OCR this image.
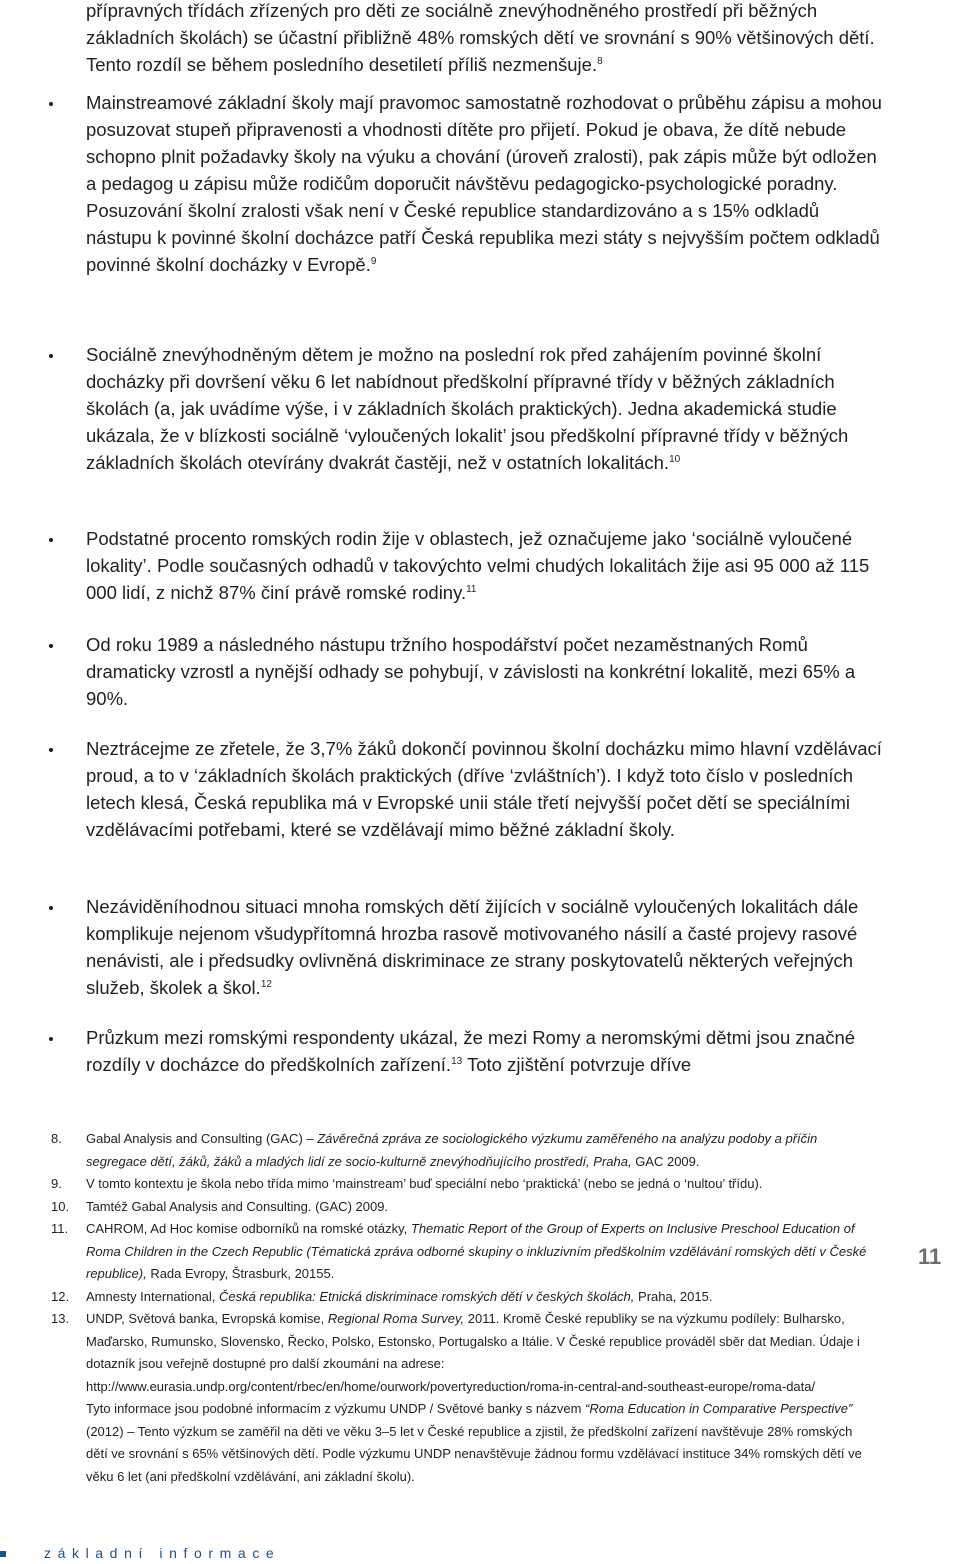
přípravných třídách zřízených pro děti ze sociálně znevýhodněného prostředí při běžných základních školách) se účastní přibližně 48% romských dětí ve srovnání s 90% většinových dětí. Tento rozdíl se během posledního desetiletí příliš nezmenšuje.$^8$

Mainstreamové základní školy mají pravomoc samostatně rozhodovat o průběhu zápisu a mohou posuzovat stupeň připravenosti a vhodnosti dítěte pro přijetí. Pokud je obava, že dítě nebude schopno plnit požadavky školy na výuku a chování (úroveň zralosti), pak zápis může být odložen a pedagog u zápisu může rodičům doporučit návštěvu pedagogicko-psychologické poradny. Posuzování školní zralosti však není v České republice standardizováno a s 15% odkladů nástupu k povinné školní docházce patří Česká republika mezi státy s nejvyšším počtem odkladů povinné školní docházky v Evropě.$^9$

Sociálně znevýhodněným dětem je možno na poslední rok před zahájením povinné školní docházky při dovršení věku 6 let nabídnout předškolní přípravné třídy v běžných základních školách (a, jak uvádíme výše, i v základních školách praktických). Jedna akademická studie ukázala, že v blízkosti sociálně ‘vyloučených lokalit’ jsou předškolní přípravné třídy v běžných základních školách otevírány dvakrát častěji, než v ostatních lokalitách.$^{10}$

Podstatné procento romských rodin žije v oblastech, jež označujeme jako ‘sociálně vyloučené lokality’. Podle současných odhadů v takovýchto velmi chudých lokalitách žije asi 95 000 až 115 000 lidí, z nichž 87% činí právě romské rodiny.$^{11}$

Od roku 1989 a následného nástupu tržního hospodářství počet nezaměstnaných Romů dramaticky vzrostl a nynější odhady se pohybují, v závislosti na konkrétní lokalitě, mezi 65% a 90%.

Neztrácejme ze zřetele, že 3,7% žáků dokončí povinnou školní docházku mimo hlavní vzdělávací proud, a to v ‘základních školách praktických (dříve ‘zvláštních’). I když toto číslo v posledních letech klesá, Česká republika má v Evropské unii stále třetí nejvyšší počet dětí se speciálními vzdělávacími potřebami, které se vzdělávají mimo běžné základní školy.

Nezáviděníhodnou situaci mnoha romských dětí žijících v sociálně vyloučených lokalitách dále komplikuje nejenom všudypřítomná hrozba rasově motivovaného násilí a časté projevy rasové nenávisti, ale i předsudky ovlivněná diskriminace ze strany poskytovatelů některých veřejných služeb, školek a škol.$^{12}$

Průzkum mezi romskými respondenty ukázal, že mezi Romy a neromskými dětmi jsou značné rozdíly v docházce do předškolních zařízení.$^{13}$ Toto zjištění potvrzuje dříve

8. Gabal Analysis and Consulting (GAC) – Závěrečná zpráva ze sociologického výzkumu zaměřeného na analýzu podoby a příčin segregace dětí, žáků, žáků a mladých lidí ze socio-kulturně znevýhodňujícího prostředí, Praha, GAC 2009.
9. V tomto kontextu je škola nebo třída mimo ‘mainstream’ buď speciální nebo ‘praktická’ (nebo se jedná o ‘nultou’ třídu).
10. Tamtéž Gabal Analysis and Consulting. (GAC) 2009.
11. CAHROM, Ad Hoc komise odborníků na romské otázky, Thematic Report of the Group of Experts on Inclusive Preschool Education of Roma Children in the Czech Republic (Tématická zpráva odborné skupiny o inkluzivním předškolním vzdělávání romských dětí v České republice), Rada Evropy, Štrasburk, 20155.
12. Amnesty International, Česká republika: Etnická diskriminace romských dětí v českých školách, Praha, 2015.
13. UNDP, Světová banka, Evropská komise, Regional Roma Survey, 2011. Kromě České republiky se na výzkumu podílely: Bulharsko, Maďarsko, Rumunsko, Slovensko, Řecko, Polsko, Estonsko, Portugalsko a Itálie. V České republice prováděl sběr dat Median. Údaje i dotazník jsou veřejně dostupné pro další zkoumání na adrese: http://www.eurasia.undp.org/content/rbec/en/home/ourwork/povertyreduction/roma-in-central-and-southeast-europe/roma-data/
Tyto informace jsou podobné informacím z výzkumu UNDP / Světové banky s názvem “Roma Education in Comparative Perspective” (2012) – Tento výzkum se zaměřil na děti ve věku 3–5 let v České republice a zjistil, že předškolní zařízení navštěvuje 28% romských dětí ve srovnání s 65% většinových dětí. Podle výzkumu UNDP nenavštěvuje žádnou formu vzdělávací instituce 34% romských dětí ve věku 6 let (ani předškolní vzdělávání, ani základní školu).
11
základní informace
